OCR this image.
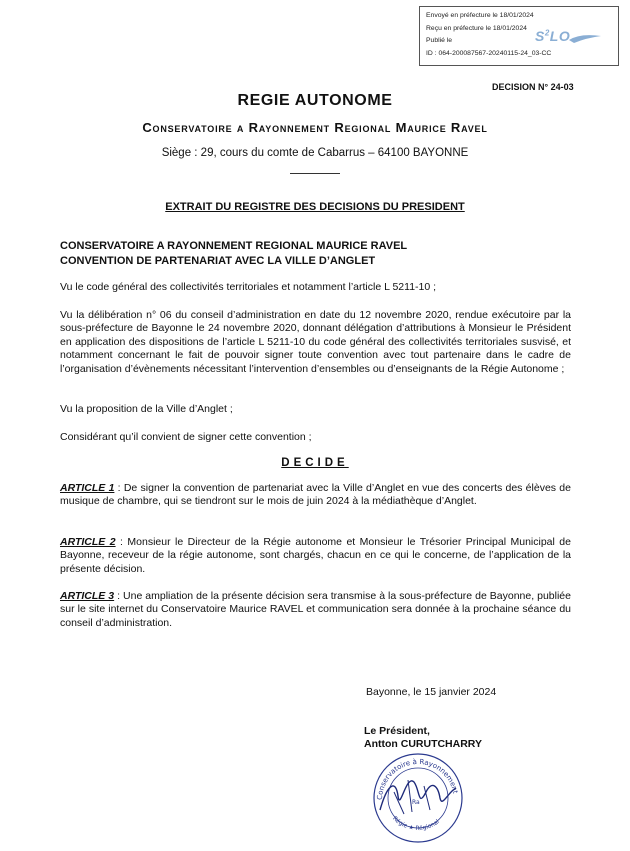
Envoyé en préfecture le 18/01/2024
Reçu en préfecture le 18/01/2024
Publié le
ID : 064-200087567-20240115-24_03-CC
$S^2LO$
DECISION N° 24-03
REGIE AUTONOME
Conservatoire a Rayonnement Regional Maurice Ravel
Siège : 29, cours du comte de Cabarrus – 64100 BAYONNE
EXTRAIT DU REGISTRE DES DECISIONS DU PRESIDENT
CONSERVATOIRE A RAYONNEMENT REGIONAL MAURICE RAVEL
CONVENTION DE PARTENARIAT AVEC LA VILLE D’ANGLET
Vu le code général des collectivités territoriales et notamment l’article L 5211-10 ;
Vu la délibération n° 06 du conseil d’administration en date du 12 novembre 2020, rendue exécutoire par la sous-préfecture de Bayonne le 24 novembre 2020, donnant délégation d’attributions à Monsieur le Président en application des dispositions de l’article L 5211-10 du code général des collectivités territoriales susvisé, et notamment concernant le fait de pouvoir signer toute convention avec tout partenaire dans le cadre de l’organisation d’évènements nécessitant l’intervention d’ensembles ou d’enseignants de la Régie Autonome ;
Vu la proposition de la Ville d’Anglet ;
Considérant qu’il convient de signer cette convention ;
DECIDE
ARTICLE 1 : De signer la convention de partenariat avec la Ville d’Anglet en vue des concerts des élèves de musique de chambre, qui se tiendront sur le mois de juin 2024 à la médiathèque d’Anglet.
ARTICLE 2 : Monsieur le Directeur de la Régie autonome et Monsieur le Trésorier Principal Municipal de Bayonne, receveur de la régie autonome, sont chargés, chacun en ce qui le concerne, de l’application de la présente décision.
ARTICLE 3 : Une ampliation de la présente décision sera transmise à la sous-préfecture de Bayonne, publiée sur le site internet du Conservatoire Maurice RAVEL et communication sera donnée à la prochaine séance du conseil d’administration.
Bayonne, le 15 janvier 2024
Le Président,
Antton CURUTCHARRY
Conservatoire à Rayonnement
Régie ★ Régional
Ra
